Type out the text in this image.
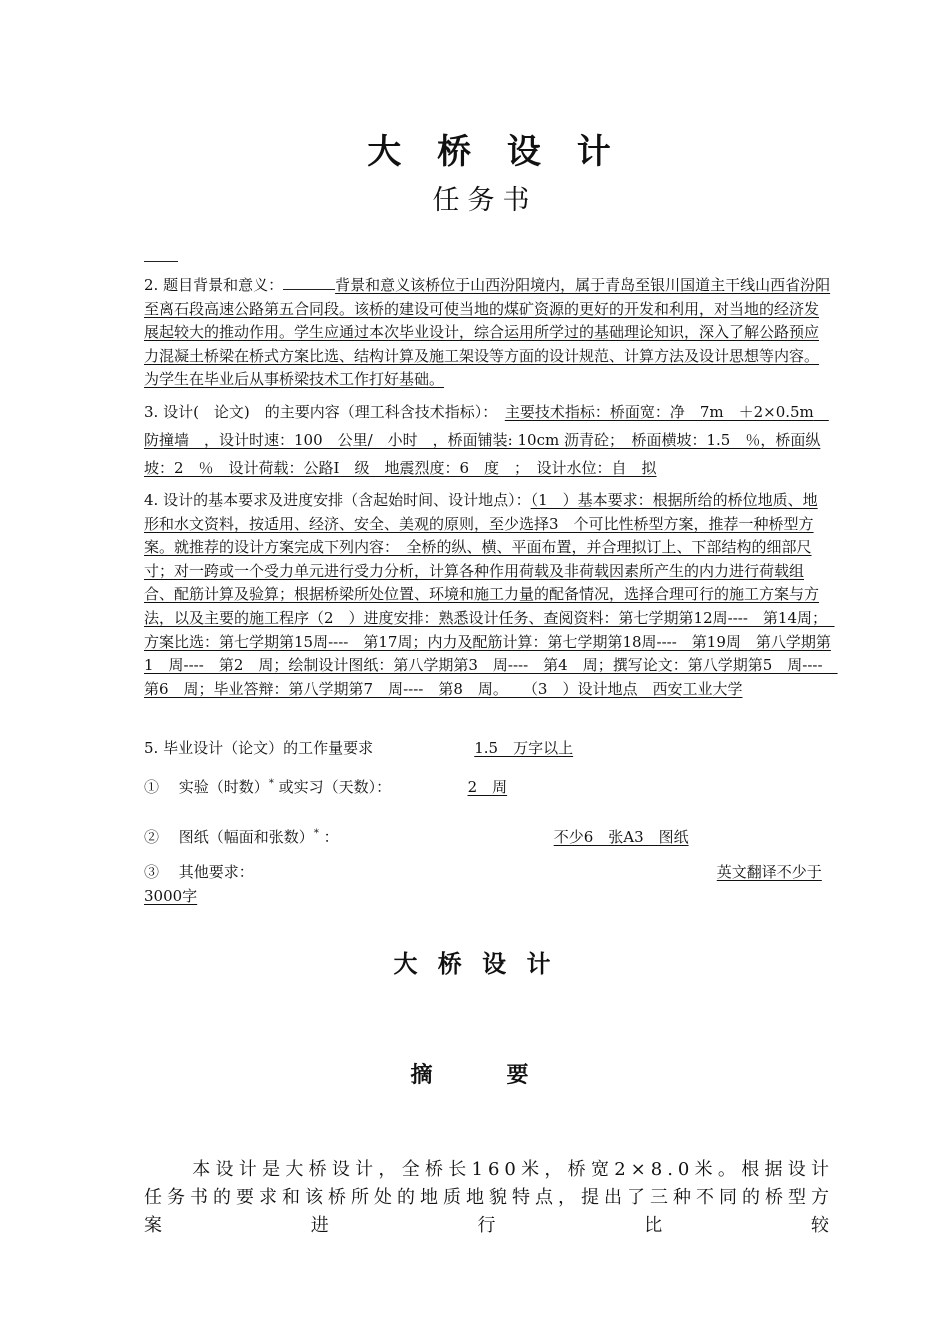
大 桥 设 计
任务书
2. 题目背景和意义：	背景和意义该桥位于山西汾阳境内，属于青岛至银川国道主干线山西省汾阳至离石段高速公路第五合同段。该桥的建设可使当地的煤矿资源的更好的开发和利用，对当地的经济发展起较大的推动作用。学生应通过本次毕业设计，综合运用所学过的基础理论知识，深入了解公路预应力混凝土桥梁在桥式方案比选、结构计算及施工架设等方面的设计规范、计算方法及设计思想等内容。为学生在毕业后从事桥梁技术工作打好基础。
3. 设计(　论文)　的主要内容（理工科含技术指标）：　 主要技术指标：桥面宽：净　7m　＋2×0.5m　防撞墙　，设计时速：100　公里/　小时　，桥面铺装: 10cm 沥青砼；　桥面横坡：1.5　％，桥面纵坡：2　％　设计荷载：公路I　级　地震烈度：6　度　；　设计水位：自　拟
4. 设计的基本要求及进度安排（含起始时间、设计地点）：（1　）基本要求：根据所给的桥位地质、地形和水文资料，按适用、经济、安全、美观的原则，至少选择3　个可比性桥型方案，推荐一种桥型方案。就推荐的设计方案完成下列内容：　全桥的纵、横、平面布置，并合理拟订上、下部结构的细部尺寸；对一跨或一个受力单元进行受力分析，计算各种作用荷载及非荷载因素所产生的内力进行荷载组合、配筋计算及验算；根据桥梁所处位置、环境和施工力量的配备情况，选择合理可行的施工方案与方法，以及主要的施工程序（2　）进度安排：熟悉设计任务、查阅资料：第七学期第12周----　第14周；　方案比选：第七学期第15周----　第17周；内力及配筋计算：第七学期第18周----　第19周　第八学期第1　周----　第2　周；绘制设计图纸：第八学期第3　周----　第4　周；撰写论文：第八学期第5　周----　第6　周；毕业答辩：第八学期第7　周----　第8　周。　　（3　）设计地点　西安工业大学
5. 毕业设计（论文）的工作量要求	1.5　万字以上
①　 实验（时数）* 或实习（天数）：	2　周
②　 图纸（幅面和张数）* ：	不少6　张A3　图纸
③　 其他要求：	英文翻译不少于
3000字
大 桥 设 计
摘　要
本设计是大桥设计，全桥长160米，桥宽2×8.0米。根据设计任务书的要求和该桥所处的地质地貌特点，提出了三种不同的桥型方案进行比较
